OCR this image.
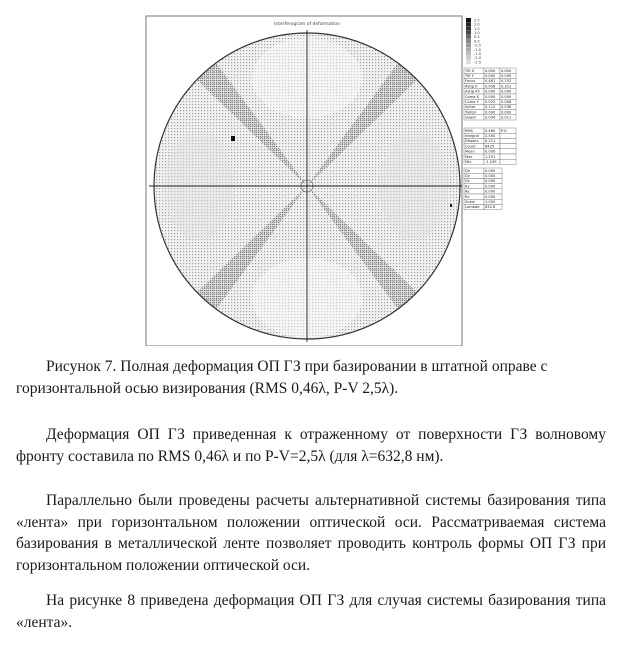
Interferogram of deformation
2.5
2.0
1.5
1.0
0.5
0.0
-0.5
-1.0
-1.5
-2.0
-2.5
Tilt X	0.000 0.000
Tilt Y	0.000 0.000
Focus	0.461 0.152
Astig 0 0.958 0.312
Astig 45 0.000 0.000
Coma X 0.000 0.000
Coma Y 0.025 0.008
Spher	0.112 0.036
Trefoil	0.000 0.000
Quadr 0.034 0.011
RMS	0.460 P-V
Integral 2.500
Dispers 0.211
Count	6425
Mean	0.000
Max	1.251
Min	-1.249
Dx	0.000
Dy	0.000
Dz	0.000
Rx	0.000
Ry	0.000
Rz	0.000
Scale	1.000
Lambda 632.8

Рисунок 7. Полная деформация ОП ГЗ при базировании в штатной оправе с горизонтальной осью визирования (RMS 0,46λ, P-V 2,5λ).

Деформация ОП ГЗ приведенная к отраженному от поверхности ГЗ волновому фронту составила по RMS 0,46λ и по P-V=2,5λ (для λ=632,8 нм).

Параллельно были проведены расчеты альтернативной системы базирования типа «лента» при горизонтальном положении оптической оси. Рассматриваемая система базирования в металлической ленте позволяет проводить контроль формы ОП ГЗ при горизонтальном положении оптической оси.

На рисунке 8 приведена деформация ОП ГЗ для случая системы базирования типа «лента».
